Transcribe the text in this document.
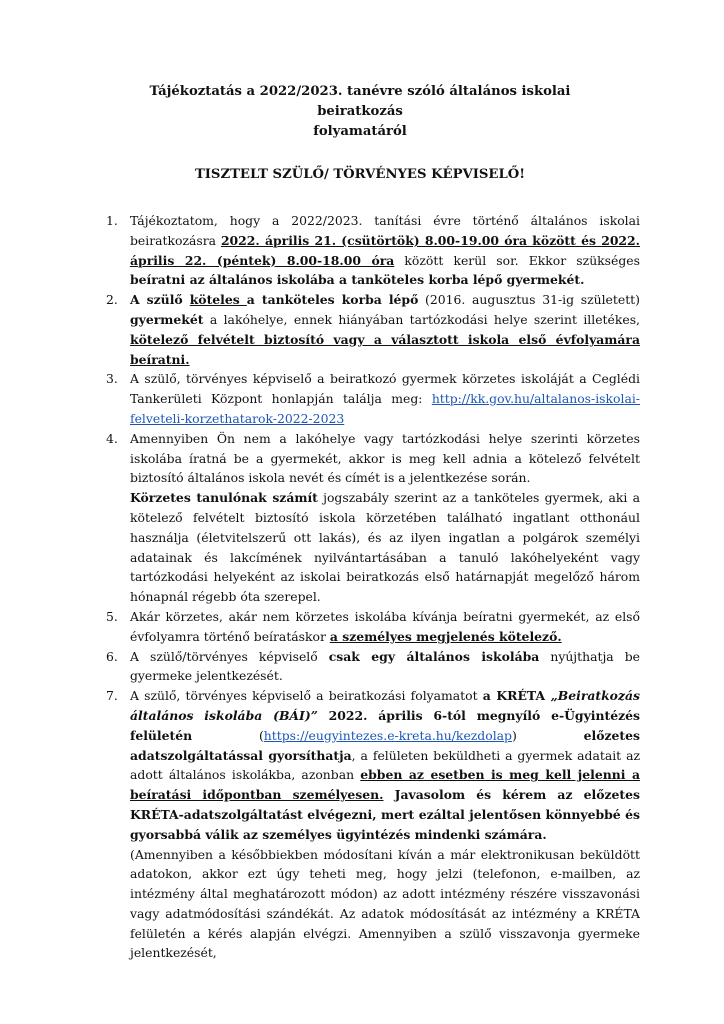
Tájékoztatás a 2022/2023. tanévre szóló általános iskolai beiratkozás
folyamatáról

TISZTELT SZÜLŐ/ TÖRVÉNYES KÉPVISELŐ!

1. Tájékoztatom, hogy a 2022/2023. tanítási évre történő általános iskolai beiratkozásra 2022. április 21. (csütörtök) 8.00-19.00 óra között és 2022. április 22. (péntek) 8.00-18.00 óra között kerül sor. Ekkor szükséges beíratni az általános iskolába a tanköteles korba lépő gyermekét.

2. A szülő köteles a tanköteles korba lépő (2016. augusztus 31-ig született) gyermekét a lakóhelye, ennek hiányában tartózkodási helye szerint illetékes, kötelező felvételt biztosító vagy a választott iskola első évfolyamára beíratni.

3. A szülő, törvényes képviselő a beiratkozó gyermek körzetes iskoláját a Ceglédi Tankerületi Központ honlapján találja meg: http://kk.gov.hu/altalanos-iskolai-felveteli-korzethatarok-2022-2023

4. Amennyiben Ön nem a lakóhelye vagy tartózkodási helye szerinti körzetes iskolába íratná be a gyermekét, akkor is meg kell adnia a kötelező felvételt biztosító általános iskola nevét és címét is a jelentkezése során.

Körzetes tanulónak számít jogszabály szerint az a tanköteles gyermek, aki a kötelező felvételt biztosító iskola körzetében található ingatlant otthonául használja (életvitelszerű ott lakás), és az ilyen ingatlan a polgárok személyi adatainak és lakcímének nyilvántartásában a tanuló lakóhelyeként vagy tartózkodási helyeként az iskolai beiratkozás első határnapját megelőző három hónapnál régebb óta szerepel.

5. Akár körzetes, akár nem körzetes iskolába kívánja beíratni gyermekét, az első évfolyamra történő beíratáskor a személyes megjelenés kötelező.

6. A szülő/törvényes képviselő csak egy általános iskolába nyújthatja be gyermeke jelentkezését.

7. A szülő, törvényes képviselő a beiratkozási folyamatot a KRÉTA „Beiratkozás általános iskolába (BÁI)” 2022. április 6-tól megnyíló e-Ügyintézés felületén (https://eugyintezes.e-kreta.hu/kezdolap) előzetes adatszolgáltatással gyorsíthatja, a felületen beküldheti a gyermek adatait az adott általános iskolákba, azonban ebben az esetben is meg kell jelenni a beíratási időpontban személyesen. Javasolom és kérem az előzetes KRÉTA-adatszolgáltatást elvégezni, mert ezáltal jelentősen könnyebbé és gyorsabbá válik az személyes ügyintézés mindenki számára.

(Amennyiben a későbbiekben módosítani kíván a már elektronikusan beküldött adatokon, akkor ezt úgy teheti meg, hogy jelzi (telefonon, e-mailben, az intézmény által meghatározott módon) az adott intézmény részére visszavonási vagy adatmódosítási szándékát. Az adatok módosítását az intézmény a KRÉTA felületén a kérés alapján elvégzi. Amennyiben a szülő visszavonja gyermeke jelentkezését,
